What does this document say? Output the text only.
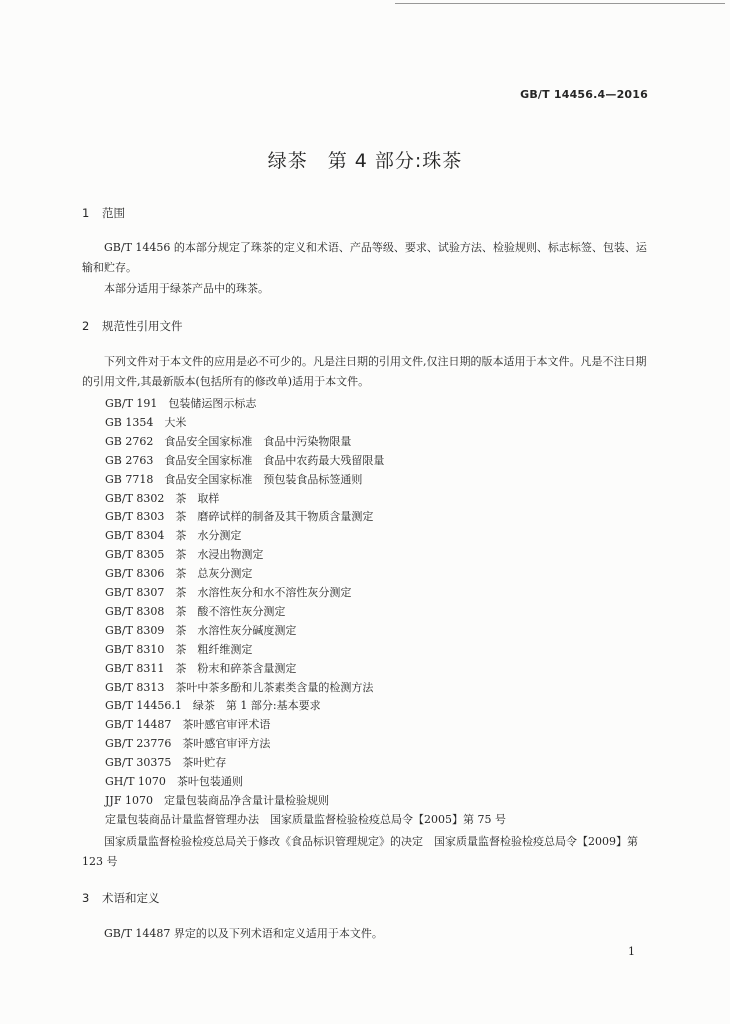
GB/T 14456.4—2016
绿茶　第 4 部分:珠茶
1 范围
GB/T 14456 的本部分规定了珠茶的定义和术语、产品等级、要求、试验方法、检验规则、标志标签、包装、运输和贮存。
本部分适用于绿茶产品中的珠茶。
2 规范性引用文件
下列文件对于本文件的应用是必不可少的。凡是注日期的引用文件,仅注日期的版本适用于本文件。凡是不注日期的引用文件,其最新版本(包括所有的修改单)适用于本文件。
GB/T 191　包装储运图示标志
GB 1354　大米
GB 2762　食品安全国家标准　食品中污染物限量
GB 2763　食品安全国家标准　食品中农药最大残留限量
GB 7718　食品安全国家标准　预包装食品标签通则
GB/T 8302　茶　取样
GB/T 8303　茶　磨碎试样的制备及其干物质含量测定
GB/T 8304　茶　水分测定
GB/T 8305　茶　水浸出物测定
GB/T 8306　茶　总灰分测定
GB/T 8307　茶　水溶性灰分和水不溶性灰分测定
GB/T 8308　茶　酸不溶性灰分测定
GB/T 8309　茶　水溶性灰分碱度测定
GB/T 8310　茶　粗纤维测定
GB/T 8311　茶　粉末和碎茶含量测定
GB/T 8313　茶叶中茶多酚和儿茶素类含量的检测方法
GB/T 14456.1　绿茶　第 1 部分:基本要求
GB/T 14487　茶叶感官审评术语
GB/T 23776　茶叶感官审评方法
GB/T 30375　茶叶贮存
GH/T 1070　茶叶包装通则
JJF 1070　定量包装商品净含量计量检验规则
定量包装商品计量监督管理办法　国家质量监督检验检疫总局令【2005】第 75 号
国家质量监督检验检疫总局关于修改《食品标识管理规定》的决定　国家质量监督检验检疫总局令【2009】第 123 号
3 术语和定义
GB/T 14487 界定的以及下列术语和定义适用于本文件。
1
